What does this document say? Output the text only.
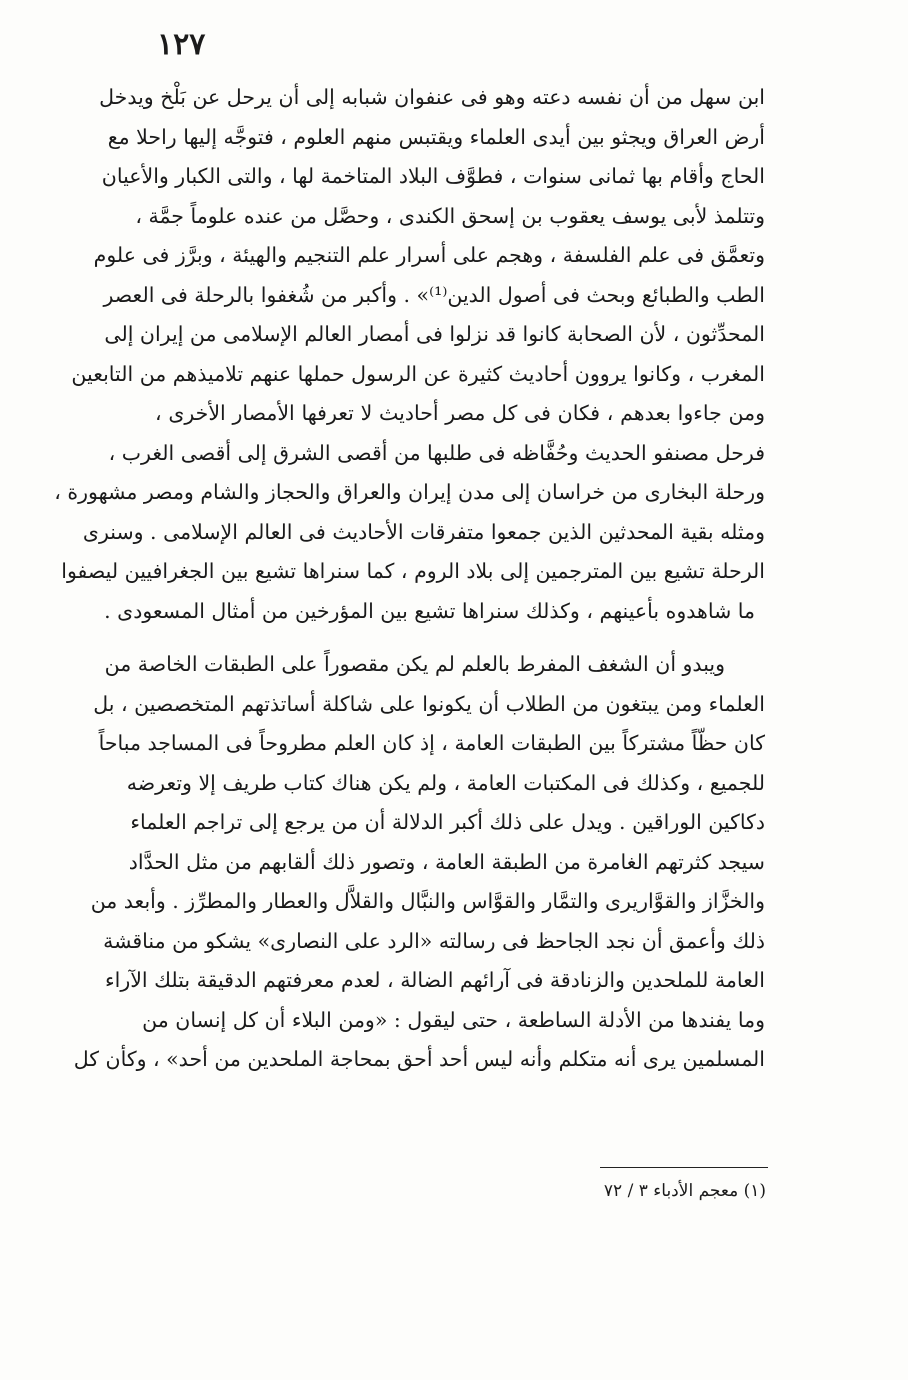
١٢٧
ابن سهل من أن نفسه دعته وهو فى عنفوان شبابه إلى أن يرحل عن بَلْخ ويدخل
أرض العراق ويجثو بين أيدى العلماء ويقتبس منهم العلوم ، فتوجَّه إليها راحلا مع
الحاج وأقام بها ثمانى سنوات ، فطوَّف البلاد المتاخمة لها ، والتى الكبار والأعيان
وتتلمذ لأبى يوسف يعقوب بن إسحق الكندى ، وحصَّل من عنده علوماً جمَّة ،
وتعمَّق فى علم الفلسفة ، وهجم على أسرار علم التنجيم والهيئة ، وبرَّز فى علوم
الطب والطبائع وبحث فى أصول الدين⁽¹⁾» . وأكبر من شُغفوا بالرحلة فى العصر
المحدِّثون ، لأن الصحابة كانوا قد نزلوا فى أمصار العالم الإسلامى من إيران إلى
المغرب ، وكانوا يروون أحاديث كثيرة عن الرسول حملها عنهم تلاميذهم من التابعين
ومن جاءوا بعدهم ، فكان فى كل مصر أحاديث لا تعرفها الأمصار الأخرى ،
فرحل مصنفو الحديث وحُفَّاظه فى طلبها من أقصى الشرق إلى أقصى الغرب ،
ورحلة البخارى من خراسان إلى مدن إيران والعراق والحجاز والشام ومصر مشهورة ،
ومثله بقية المحدثين الذين جمعوا متفرقات الأحاديث فى العالم الإسلامى . وسنرى
الرحلة تشيع بين المترجمين إلى بلاد الروم ، كما سنراها تشيع بين الجغرافيين ليصفوا
ما شاهدوه بأعينهم ، وكذلك سنراها تشيع بين المؤرخين من أمثال المسعودى .
ويبدو أن الشغف المفرط بالعلم لم يكن مقصوراً على الطبقات الخاصة من
العلماء ومن يبتغون من الطلاب أن يكونوا على شاكلة أساتذتهم المتخصصين ، بل
كان حظّاً مشتركاً بين الطبقات العامة ، إذ كان العلم مطروحاً فى المساجد مباحاً
للجميع ، وكذلك فى المكتبات العامة ، ولم يكن هناك كتاب طريف إلا وتعرضه
دكاكين الوراقين . ويدل على ذلك أكبر الدلالة أن من يرجع إلى تراجم العلماء
سيجد كثرتهم الغامرة من الطبقة العامة ، وتصور ذلك ألقابهم من مثل الحدَّاد
والخزَّاز والقوَّاريرى والتمَّار والقوَّاس والنبَّال والقلاَّل والعطار والمطرِّز . وأبعد من
ذلك وأعمق أن نجد الجاحظ فى رسالته «الرد على النصارى» يشكو من مناقشة
العامة للملحدين والزنادقة فى آرائهم الضالة ، لعدم معرفتهم الدقيقة بتلك الآراء
وما يفندها من الأدلة الساطعة ، حتى ليقول : «ومن البلاء أن كل إنسان من
المسلمين يرى أنه متكلم وأنه ليس أحد أحق بمحاجة الملحدين من أحد» ، وكأن كل
(١) معجم الأدباء ٣ / ٧٢
